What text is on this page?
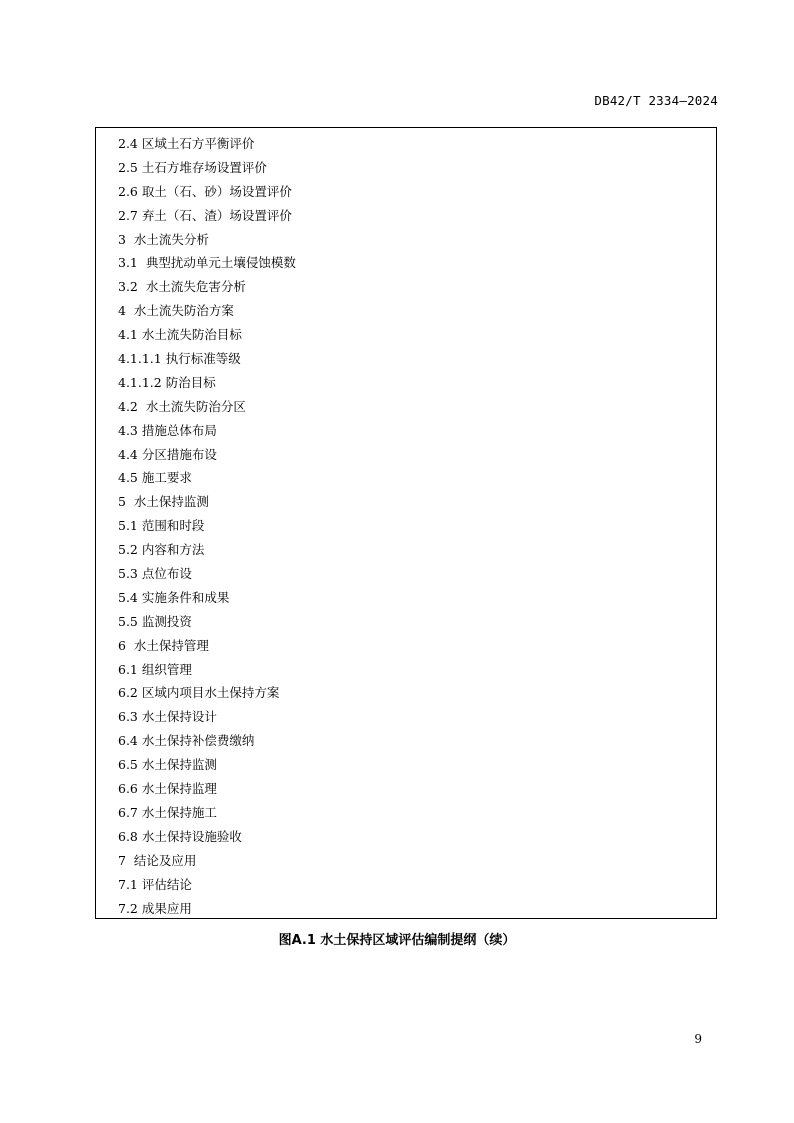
DB42/T 2334—2024
2.4 区域土石方平衡评价
2.5 土石方堆存场设置评价
2.6 取土（石、砂）场设置评价
2.7 弃土（石、渣）场设置评价
3  水土流失分析
3.1  典型扰动单元土壤侵蚀模数
3.2  水土流失危害分析
4  水土流失防治方案
4.1 水土流失防治目标
4.1.1.1 执行标准等级
4.1.1.2 防治目标
4.2  水土流失防治分区
4.3 措施总体布局
4.4 分区措施布设
4.5 施工要求
5  水土保持监测
5.1 范围和时段
5.2 内容和方法
5.3 点位布设
5.4 实施条件和成果
5.5 监测投资
6  水土保持管理
6.1 组织管理
6.2 区域内项目水土保持方案
6.3 水土保持设计
6.4 水土保持补偿费缴纳
6.5 水土保持监测
6.6 水土保持监理
6.7 水土保持施工
6.8 水土保持设施验收
7  结论及应用
7.1 评估结论
7.2 成果应用
图A.1 水土保持区域评估编制提纲（续）
9
